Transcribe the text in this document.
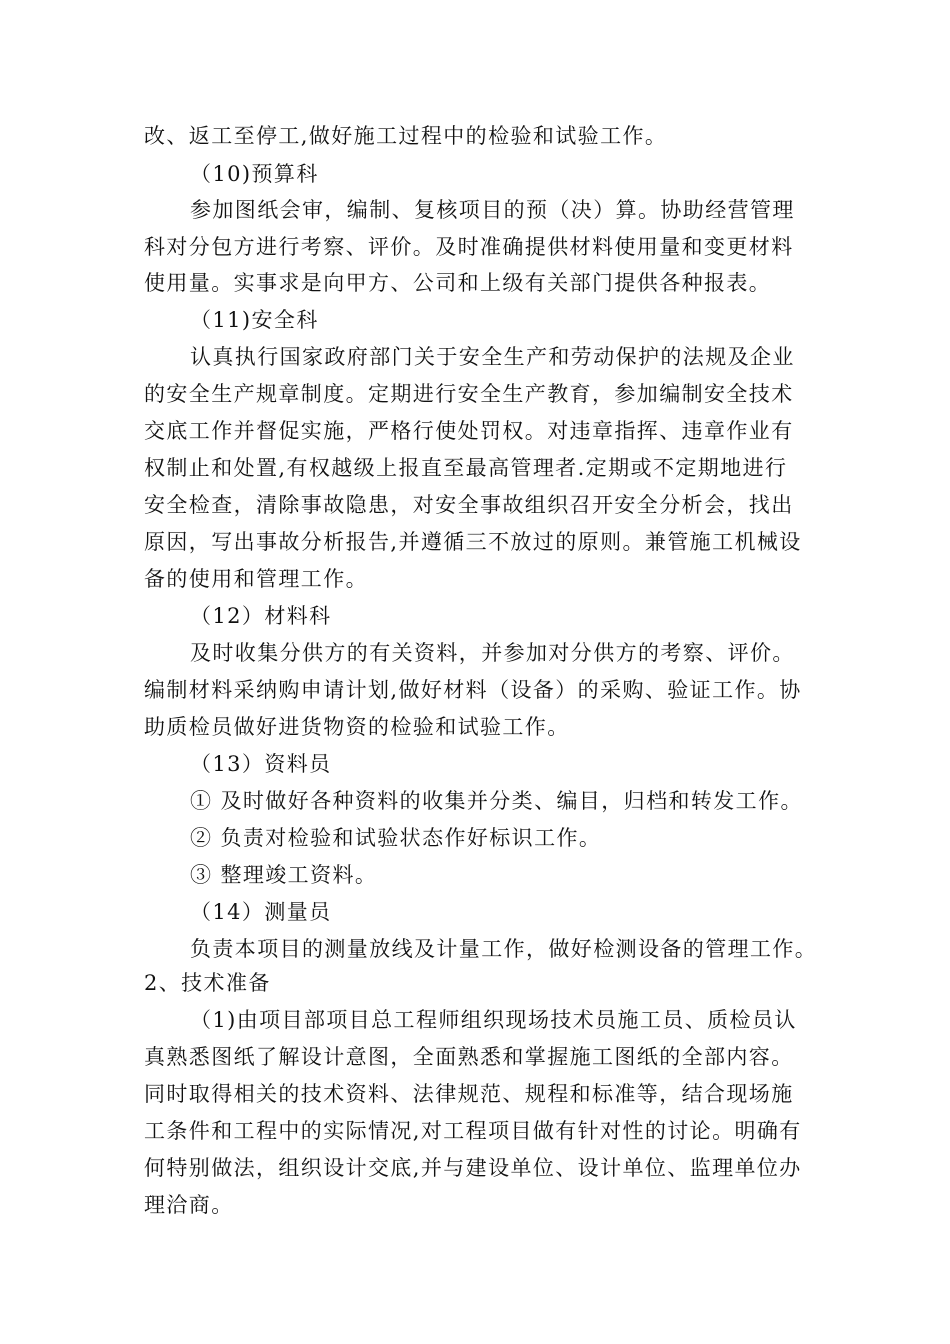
改、返工至停工,做好施工过程中的检验和试验工作。
（10)预算科
参加图纸会审，编制、复核项目的预（决）算。协助经营管理
科对分包方进行考察、评价。及时准确提供材料使用量和变更材料
使用量。实事求是向甲方、公司和上级有关部门提供各种报表。
（11)安全科
认真执行国家政府部门关于安全生产和劳动保护的法规及企业
的安全生产规章制度。定期进行安全生产教育，参加编制安全技术
交底工作并督促实施，严格行使处罚权。对违章指挥、违章作业有
权制止和处置,有权越级上报直至最高管理者.定期或不定期地进行
安全检查，清除事故隐患，对安全事故组织召开安全分析会，找出
原因，写出事故分析报告,并遵循三不放过的原则。兼管施工机械设
备的使用和管理工作。
（12）材料科
及时收集分供方的有关资料，并参加对分供方的考察、评价。
编制材料采纳购申请计划,做好材料（设备）的采购、验证工作。协
助质检员做好进货物资的检验和试验工作。
（13）资料员
① 及时做好各种资料的收集并分类、编目，归档和转发工作。
② 负责对检验和试验状态作好标识工作。
③ 整理竣工资料。
（14）测量员
负责本项目的测量放线及计量工作，做好检测设备的管理工作。
2、技术准备
（1)由项目部项目总工程师组织现场技术员施工员、质检员认
真熟悉图纸了解设计意图，全面熟悉和掌握施工图纸的全部内容。
同时取得相关的技术资料、法律规范、规程和标准等，结合现场施
工条件和工程中的实际情况,对工程项目做有针对性的讨论。明确有
何特别做法，组织设计交底,并与建设单位、设计单位、监理单位办
理洽商。
